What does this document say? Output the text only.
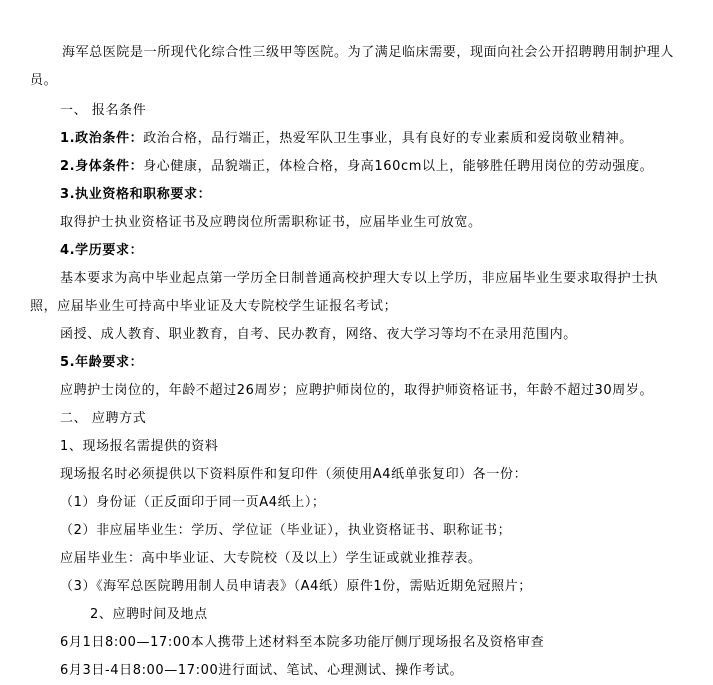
海军总医院是一所现代化综合性三级甲等医院。为了满足临床需要，现面向社会公开招聘聘用制护理人
员。
一、 报名条件
1.政治条件：政治合格，品行端正，热爱军队卫生事业，具有良好的专业素质和爱岗敬业精神。
2.身体条件：身心健康，品貌端正，体检合格，身高160cm以上，能够胜任聘用岗位的劳动强度。
3.执业资格和职称要求：
取得护士执业资格证书及应聘岗位所需职称证书，应届毕业生可放宽。
4.学历要求：
基本要求为高中毕业起点第一学历全日制普通高校护理大专以上学历，非应届毕业生要求取得护士执
照，应届毕业生可持高中毕业证及大专院校学生证报名考试；
函授、成人教育、职业教育，自考、民办教育，网络、夜大学习等均不在录用范围内。
5.年龄要求：
应聘护士岗位的，年龄不超过26周岁；应聘护师岗位的，取得护师资格证书，年龄不超过30周岁。
二、 应聘方式
1、现场报名需提供的资料
现场报名时必须提供以下资料原件和复印件（须使用A4纸单张复印）各一份：
（1）身份证（正反面印于同一页A4纸上）；
（2）非应届毕业生：学历、学位证（毕业证），执业资格证书、职称证书；
应届毕业生：高中毕业证、大专院校（及以上）学生证或就业推荐表。
（3）《海军总医院聘用制人员申请表》（A4纸）原件1份，需贴近期免冠照片；
2、应聘时间及地点
6月1日8:00—17:00本人携带上述材料至本院多功能厅侧厅现场报名及资格审查
6月3日-4日8:00—17:00进行面试、笔试、心理测试、操作考试。
